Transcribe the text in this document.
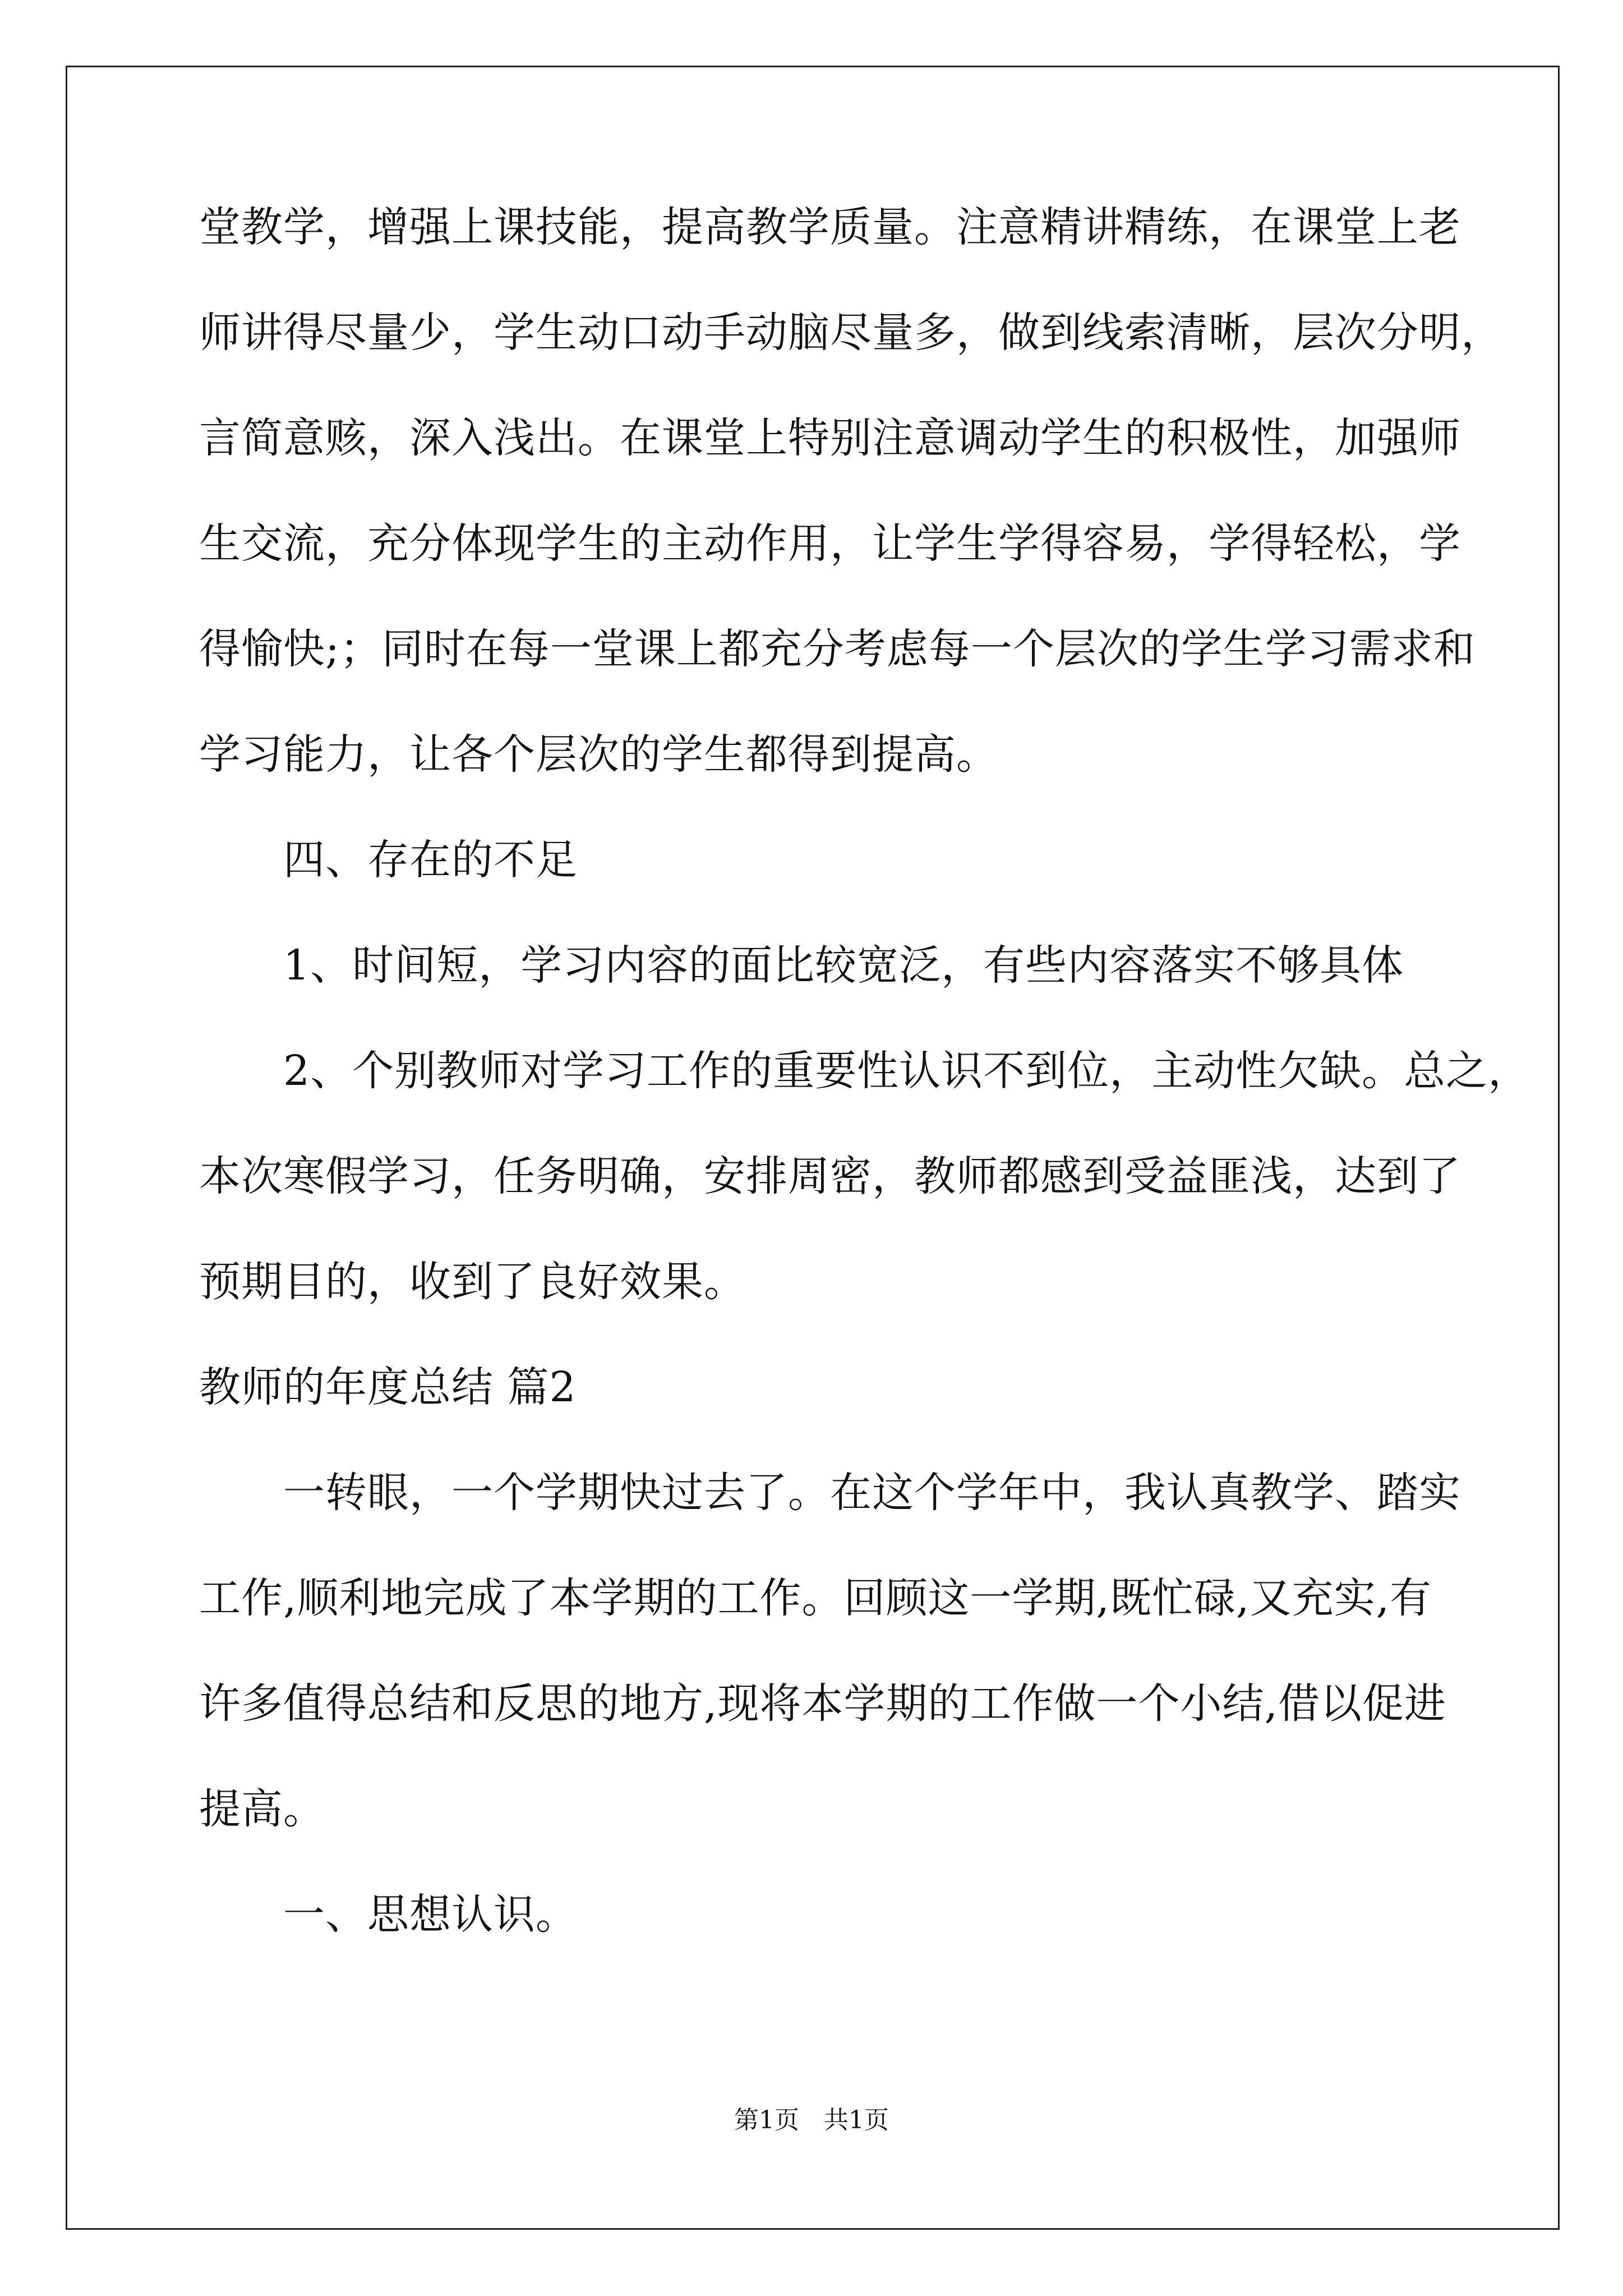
堂教学，增强上课技能，提高教学质量。注意精讲精练，在课堂上老
师讲得尽量少，学生动口动手动脑尽量多，做到线索清晰，层次分明，
言简意赅，深入浅出。在课堂上特别注意调动学生的积极性，加强师
生交流，充分体现学生的主动作用，让学生学得容易，学得轻松，学
得愉快;；同时在每一堂课上都充分考虑每一个层次的学生学习需求和
学习能力，让各个层次的学生都得到提高。
四、存在的不足
1、时间短，学习内容的面比较宽泛，有些内容落实不够具体
2、个别教师对学习工作的重要性认识不到位，主动性欠缺。总之，
本次寒假学习，任务明确，安排周密，教师都感到受益匪浅，达到了
预期目的，收到了良好效果。
教师的年度总结 篇2
一转眼，一个学期快过去了。在这个学年中，我认真教学、踏实
工作,顺利地完成了本学期的工作。回顾这一学期,既忙碌,又充实,有
许多值得总结和反思的地方,现将本学期的工作做一个小结,借以促进
提高。
一、思想认识。
第1页　共1页
